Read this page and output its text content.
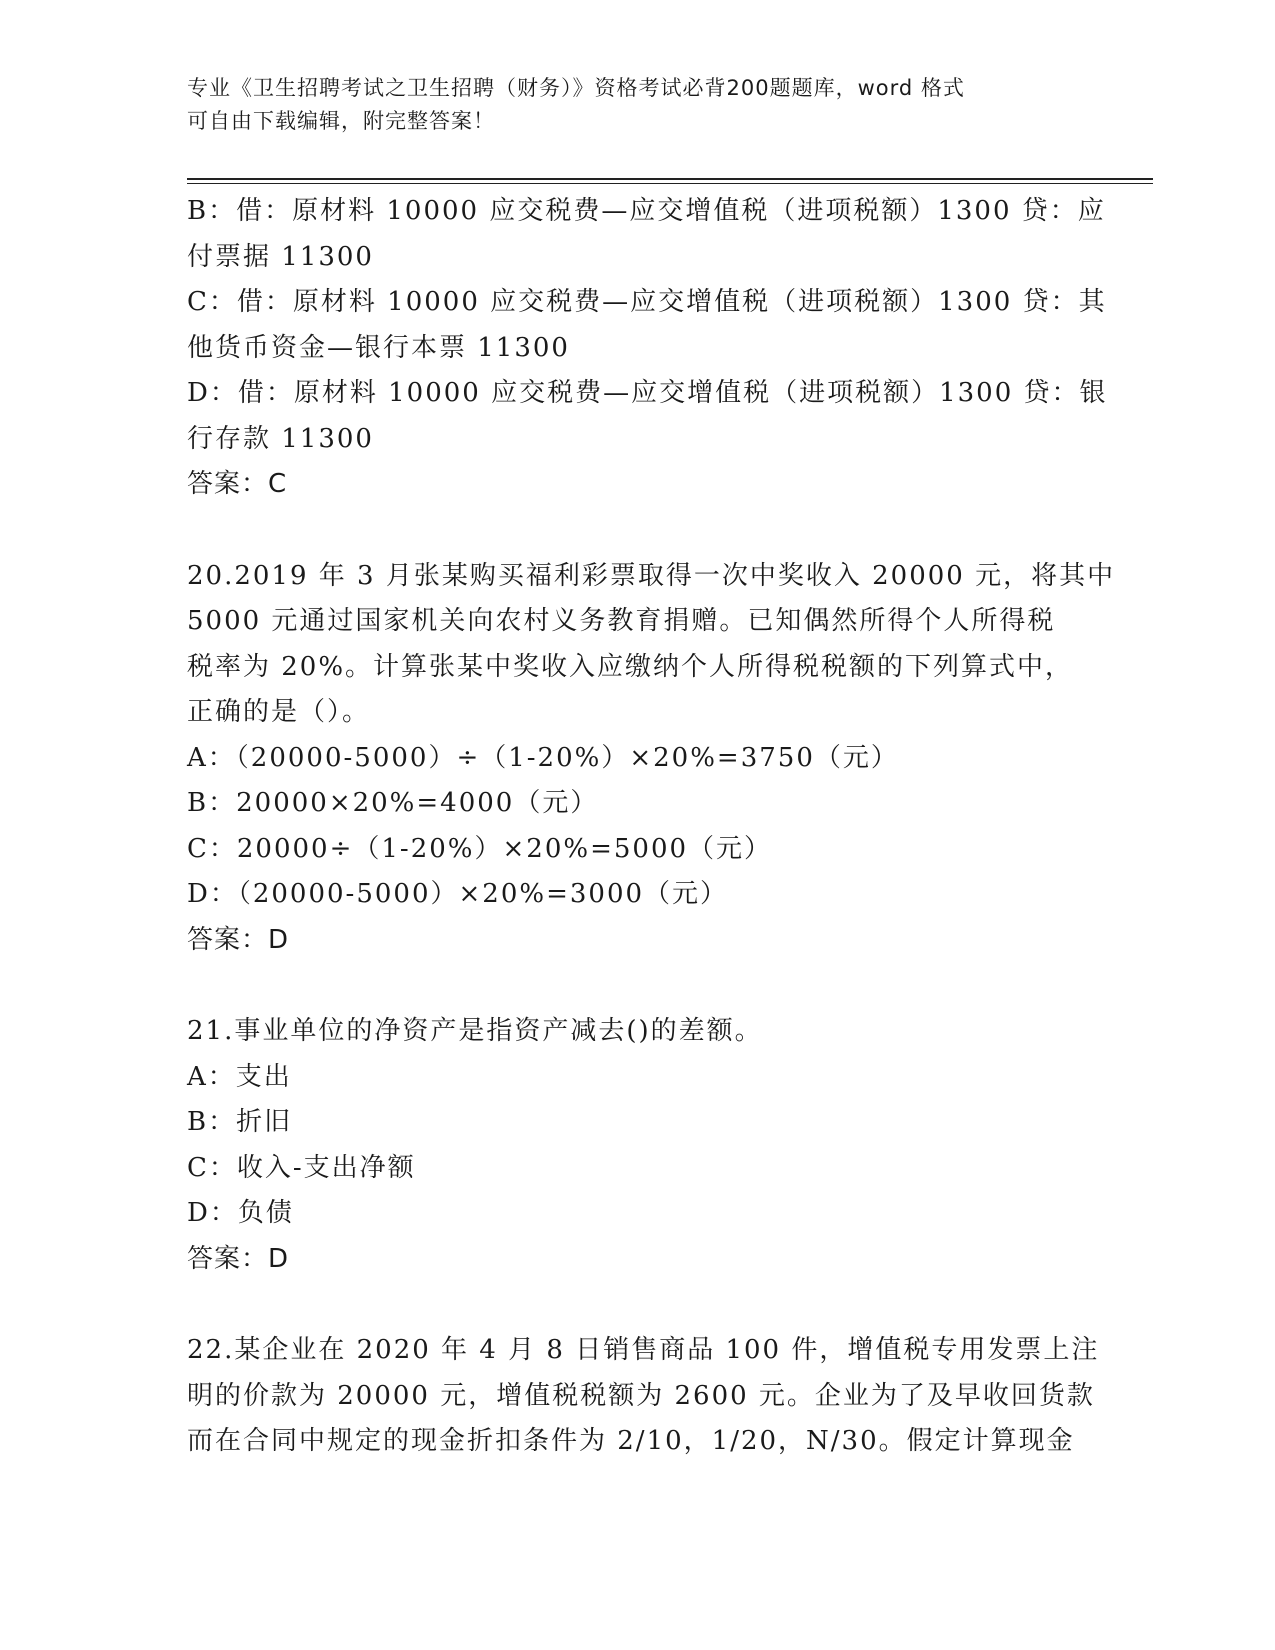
专业《卫生招聘考试之卫生招聘（财务）》资格考试必背200题题库，word 格式
可自由下载编辑，附完整答案！
B：借：原材料 10000 应交税费—应交增值税（进项税额）1300 贷：应
付票据 11300
C：借：原材料 10000 应交税费—应交增值税（进项税额）1300 贷：其
他货币资金—银行本票 11300
D：借：原材料 10000 应交税费—应交增值税（进项税额）1300 贷：银
行存款 11300
答案：C
20.2019 年 3 月张某购买福利彩票取得一次中奖收入 20000 元，将其中
5000 元通过国家机关向农村义务教育捐赠。已知偶然所得个人所得税
税率为 20%。计算张某中奖收入应缴纳个人所得税税额的下列算式中，
正确的是（）。
A：（20000-5000）÷（1-20%）×20%=3750（元）
B：20000×20%=4000（元）
C：20000÷（1-20%）×20%=5000（元）
D：（20000-5000）×20%=3000（元）
答案：D
21.事业单位的净资产是指资产减去()的差额。
A：支出
B：折旧
C：收入-支出净额
D：负债
答案：D
22.某企业在 2020 年 4 月 8 日销售商品 100 件，增值税专用发票上注
明的价款为 20000 元，增值税税额为 2600 元。企业为了及早收回货款
而在合同中规定的现金折扣条件为 2/10，1/20，N/30。假定计算现金
